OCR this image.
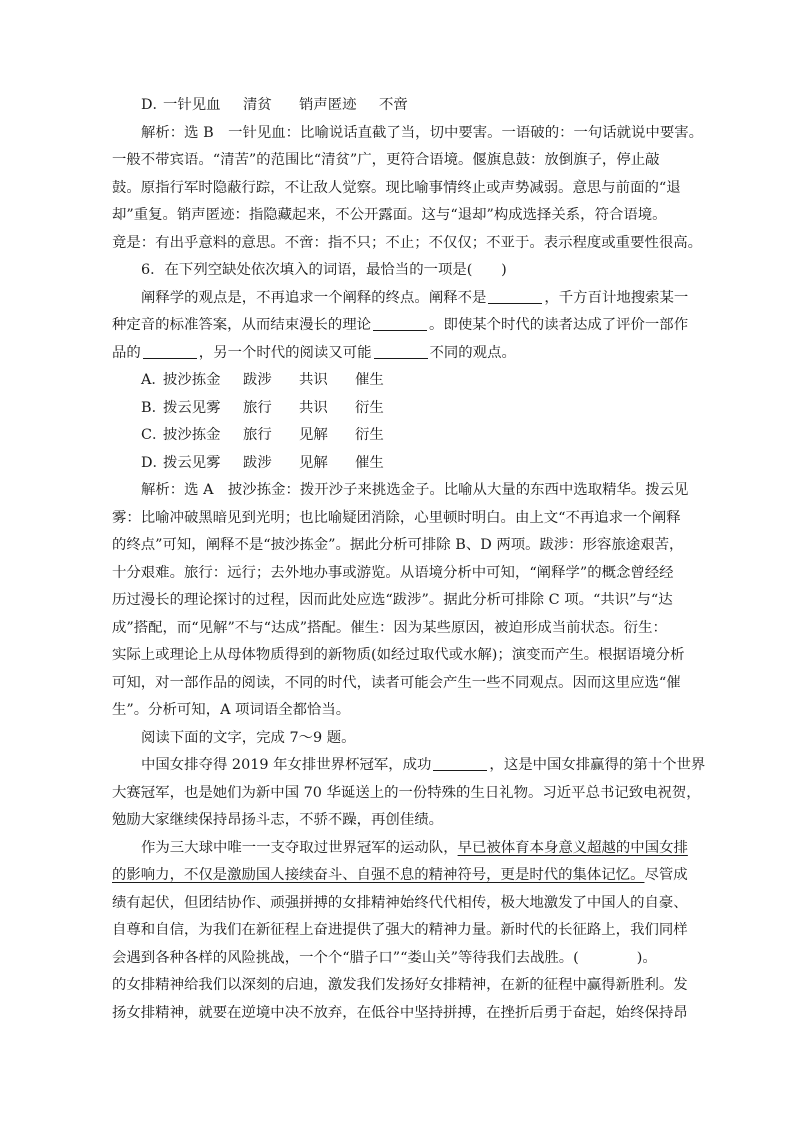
D．一针见血 清贫 销声匿迹 不啻
解析：选 B　一针见血：比喻说话直截了当，切中要害。一语破的：一句话就说中要害。
一般不带宾语。“清苦”的范围比“清贫”广，更符合语境。偃旗息鼓：放倒旗子，停止敲
鼓。原指行军时隐蔽行踪，不让敌人觉察。现比喻事情终止或声势减弱。意思与前面的“退
却”重复。销声匿迹：指隐藏起来，不公开露面。这与“退却”构成选择关系，符合语境。
竟是：有出乎意料的意思。不啻：指不只；不止；不仅仅；不亚于。表示程度或重要性很高。
6．在下列空缺处依次填入的词语，最恰当的一项是(　　)
阐释学的观点是，不再追求一个阐释的终点。阐释不是	，千方百计地搜索某一
种定音的标准答案，从而结束漫长的理论	。即使某个时代的读者达成了评价一部作
品的	，另一个时代的阅读又可能	不同的观点。
A．披沙拣金 跋涉 共识 催生
B．拨云见雾 旅行 共识 衍生
C．披沙拣金 旅行 见解 衍生
D．拨云见雾 跋涉 见解 催生
解析：选 A　披沙拣金：拨开沙子来挑选金子。比喻从大量的东西中选取精华。拨云见
雾：比喻冲破黑暗见到光明；也比喻疑团消除，心里顿时明白。由上文“不再追求一个阐释
的终点”可知，阐释不是“披沙拣金”。据此分析可排除 B、D 两项。跋涉：形容旅途艰苦，
十分艰难。旅行：远行；去外地办事或游览。从语境分析中可知，“阐释学”的概念曾经经
历过漫长的理论探讨的过程，因而此处应选“跋涉”。据此分析可排除 C 项。“共识”与“达
成”搭配，而“见解”不与“达成”搭配。催生：因为某些原因，被迫形成当前状态。衍生：
实际上或理论上从母体物质得到的新物质(如经过取代或水解)；演变而产生。根据语境分析
可知，对一部作品的阅读，不同的时代，读者可能会产生一些不同观点。因而这里应选“催
生”。分析可知，A 项词语全都恰当。
阅读下面的文字，完成 7～9 题。
中国女排夺得 2019 年女排世界杯冠军，成功	，这是中国女排赢得的第十个世界
大赛冠军，也是她们为新中国 70 华诞送上的一份特殊的生日礼物。习近平总书记致电祝贺，
勉励大家继续保持昂扬斗志，不骄不躁，再创佳绩。
作为三大球中唯一一支夺取过世界冠军的运动队，早已被体育本身意义超越的中国女排
的影响力，不仅是激励国人接续奋斗、自强不息的精神符号，更是时代的集体记忆。尽管成
绩有起伏，但团结协作、顽强拼搏的女排精神始终代代相传，极大地激发了中国人的自豪、
自尊和自信，为我们在新征程上奋进提供了强大的精神力量。新时代的长征路上，我们同样
会遇到各种各样的风险挑战，一个个“腊子口”“娄山关”等待我们去战胜。(	)。
的女排精神给我们以深刻的启迪，激发我们发扬好女排精神，在新的征程中赢得新胜利。发
扬女排精神，就要在逆境中决不放弃，在低谷中坚持拼搏，在挫折后勇于奋起，始终保持昂
